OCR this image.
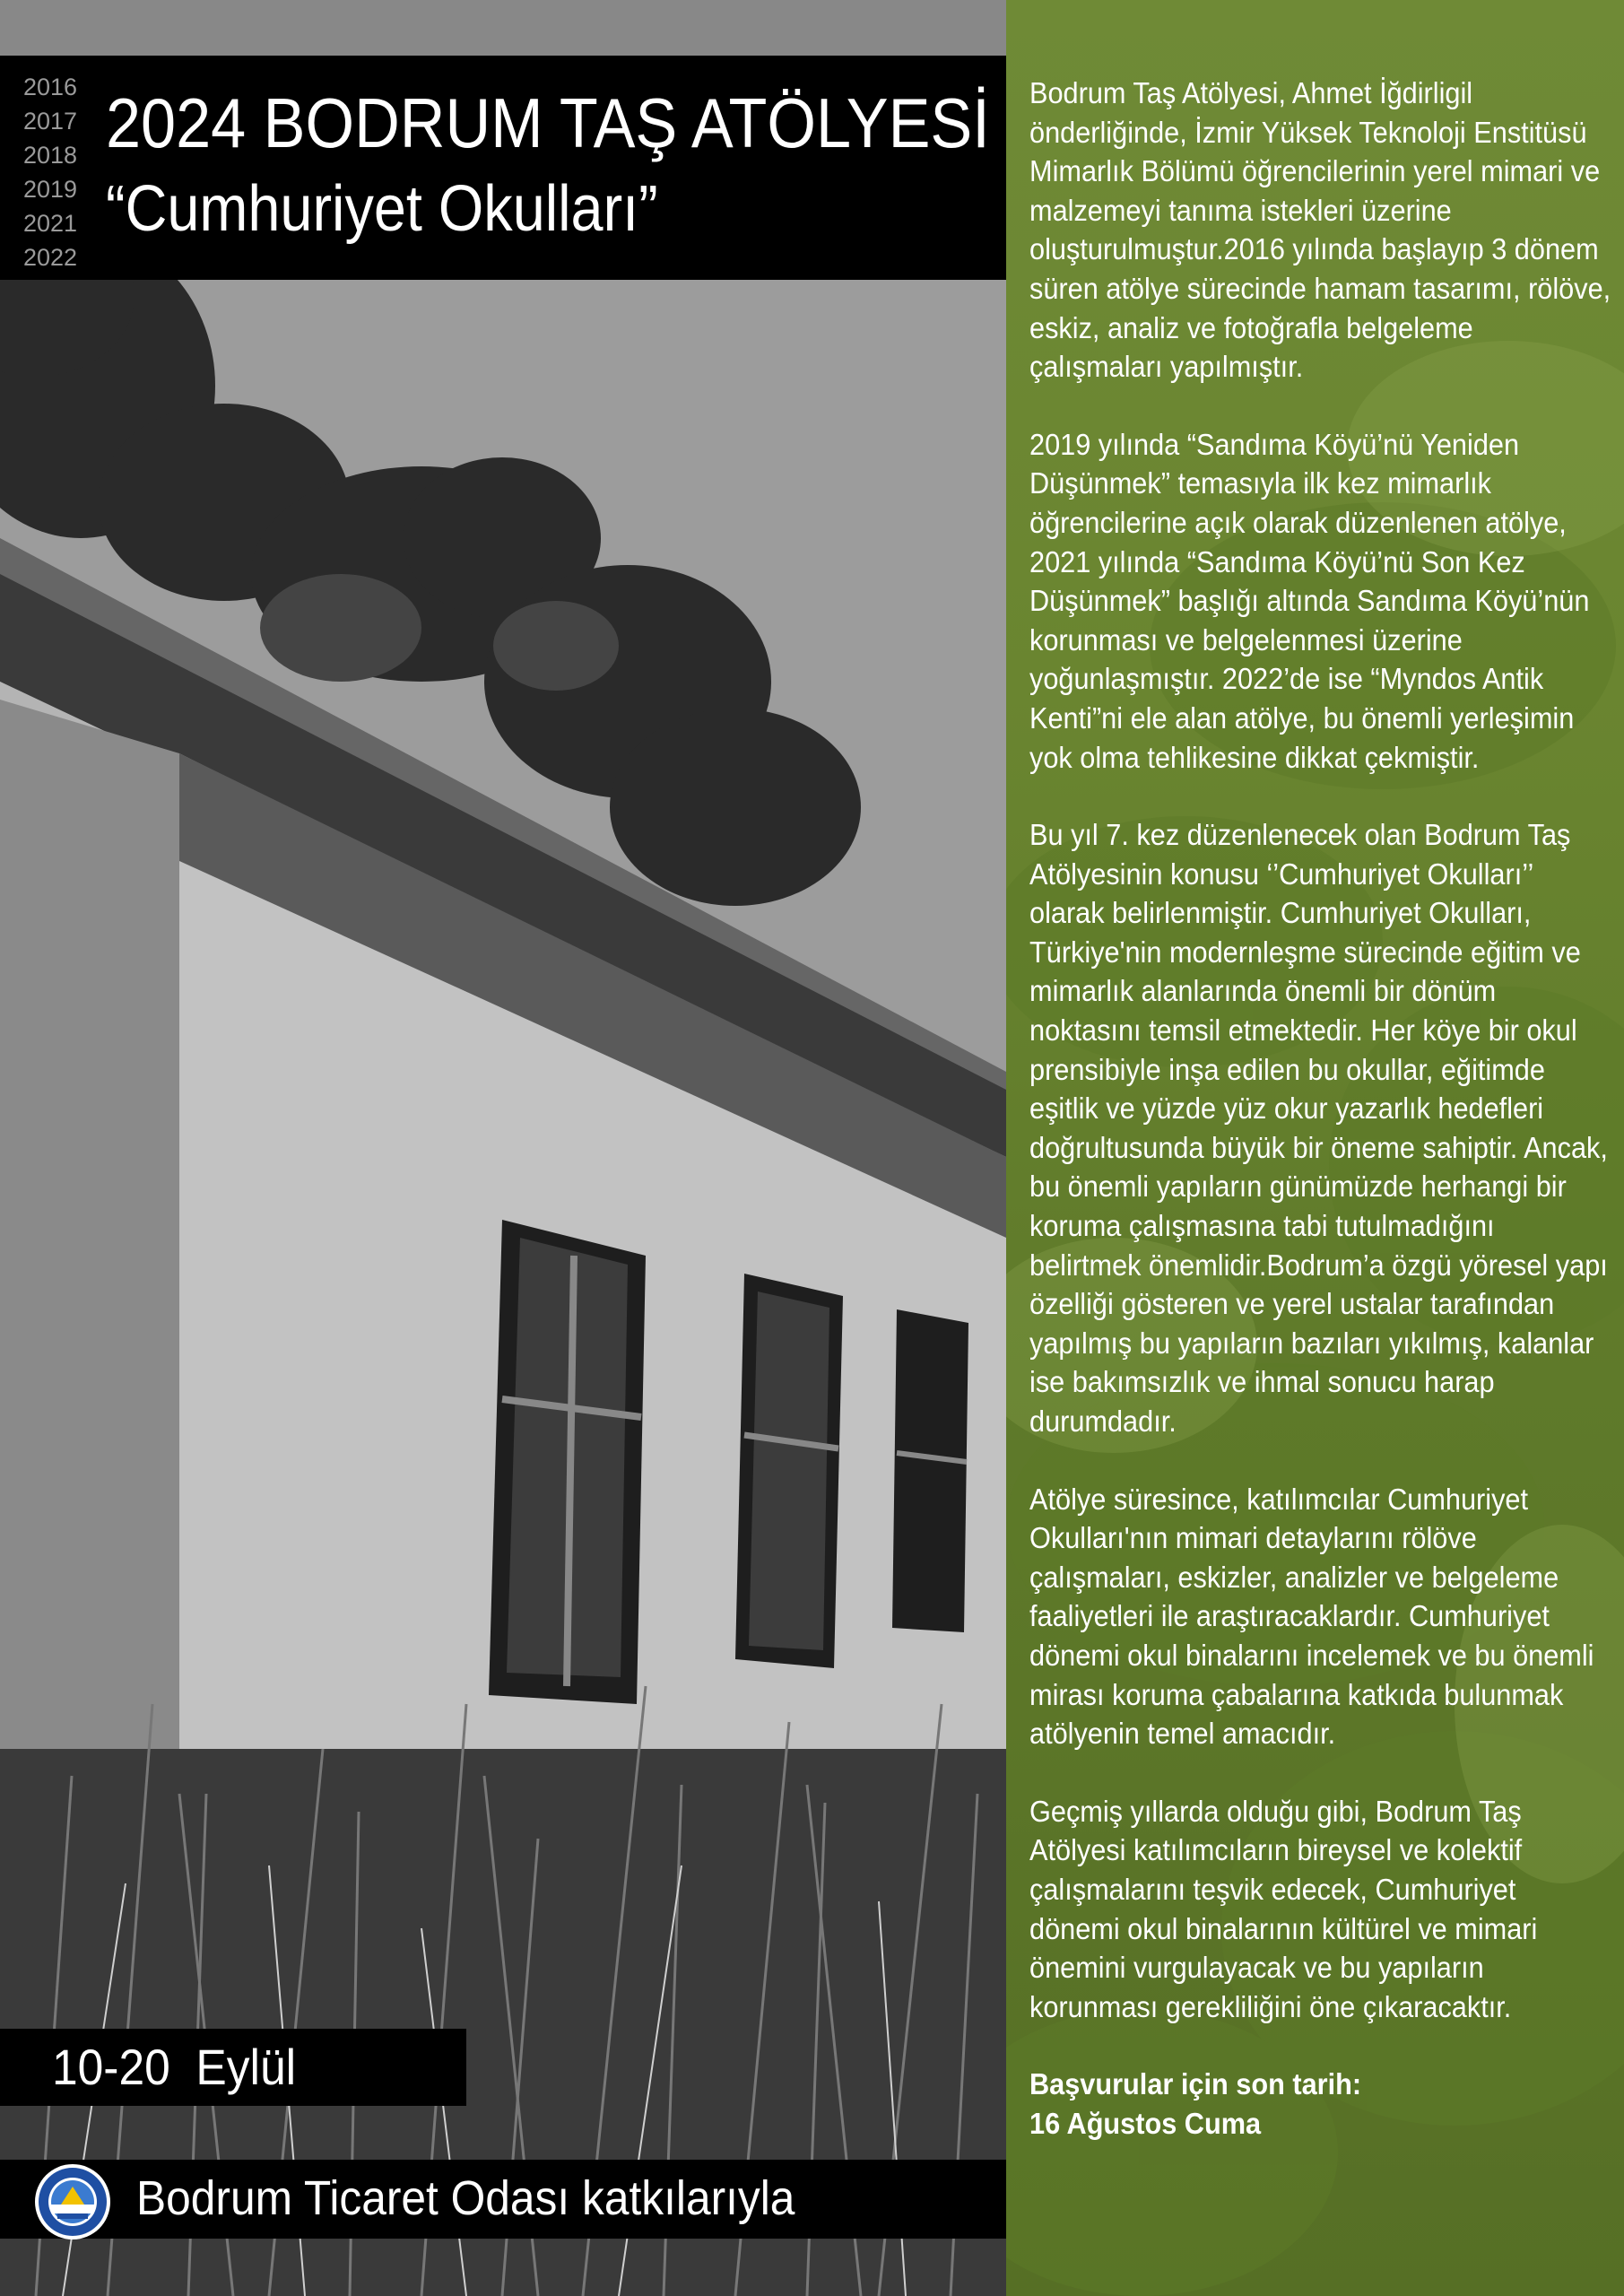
2016
2017
2018
2019
2021
2022
2024 BODRUM TAŞ ATÖLYESİ
“Cumhuriyet Okulları”
10-20  Eylül
Bodrum Ticaret Odası katkılarıyla

Bodrum Taş Atölyesi, Ahmet İğdirligil önderliğinde, İzmir Yüksek Teknoloji Enstitüsü Mimarlık Bölümü öğrencilerinin yerel mimari ve malzemeyi tanıma istekleri üzerine oluşturulmuştur.2016 yılında başlayıp 3 dönem süren atölye sürecinde hamam tasarımı, rölöve, eskiz, analiz ve fotoğrafla belgeleme çalışmaları yapılmıştır.

2019 yılında “Sandıma Köyü’nü Yeniden Düşünmek” temasıyla ilk kez mimarlık öğrencilerine açık olarak düzenlenen atölye, 2021 yılında “Sandıma Köyü’nü Son Kez Düşünmek” başlığı altında Sandıma Köyü’nün korunması ve belgelenmesi üzerine yoğunlaşmıştır. 2022’de ise “Myndos Antik Kenti”ni ele alan atölye, bu önemli yerleşimin yok olma tehlikesine dikkat çekmiştir.

Bu yıl 7. kez düzenlenecek olan Bodrum Taş Atölyesinin konusu ‘’Cumhuriyet Okulları’’ olarak belirlenmiştir. Cumhuriyet Okulları, Türkiye'nin modernleşme sürecinde eğitim ve mimarlık alanlarında önemli bir dönüm noktasını temsil etmektedir. Her köye bir okul prensibiyle inşa edilen bu okullar, eğitimde eşitlik ve yüzde yüz okur yazarlık hedefleri doğrultusunda büyük bir öneme sahiptir. Ancak, bu önemli yapıların günümüzde herhangi bir koruma çalışmasına tabi tutulmadığını belirtmek önemlidir.Bodrum’a özgü yöresel yapı özelliği gösteren ve yerel ustalar tarafından yapılmış bu yapıların bazıları yıkılmış, kalanlar ise bakımsızlık ve ihmal sonucu harap durumdadır.

Atölye süresince, katılımcılar Cumhuriyet Okulları'nın mimari detaylarını rölöve çalışmaları, eskizler, analizler ve belgeleme faaliyetleri ile araştıracaklardır. Cumhuriyet dönemi okul binalarını incelemek ve bu önemli mirası koruma çabalarına katkıda bulunmak atölyenin temel amacıdır.

Geçmiş yıllarda olduğu gibi, Bodrum Taş Atölyesi katılımcıların bireysel ve kolektif çalışmalarını teşvik edecek, Cumhuriyet dönemi okul binalarının kültürel ve mimari önemini vurgulayacak ve bu yapıların korunması gerekliliğini öne çıkaracaktır.

Başvurular için son tarih:
16 Ağustos Cuma
